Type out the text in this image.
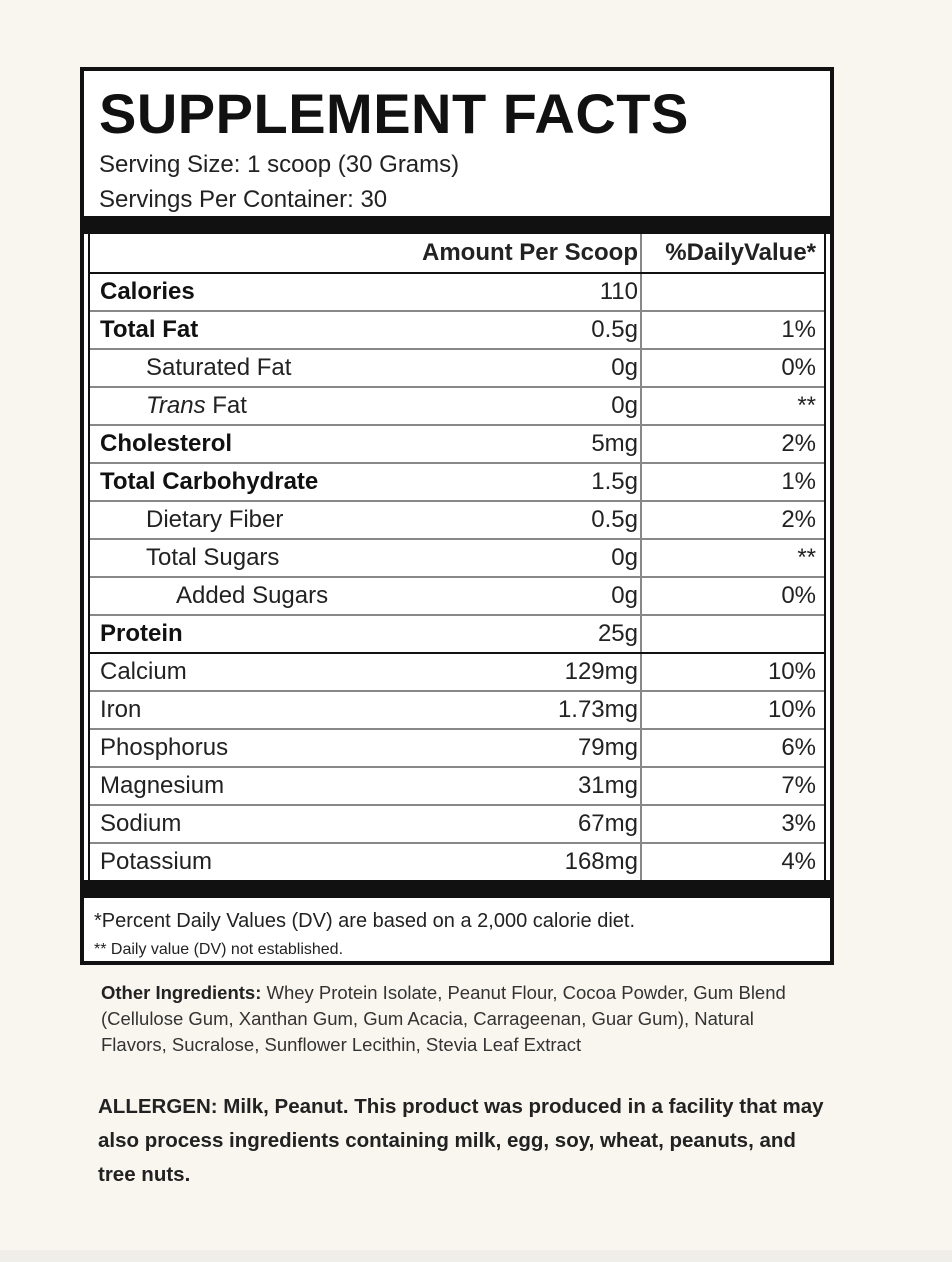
SUPPLEMENT FACTS
Serving Size: 1 scoop (30 Grams)
Servings Per Container: 30
Amount Per Scoop %DailyValue*
Calories	110
Total Fat	0.5g	1%
Saturated Fat	0g	0%
Trans Fat	0g	**
Cholesterol	5mg	2%
Total Carbohydrate	1.5g	1%
Dietary Fiber	0.5g	2%
Total Sugars	0g	**
Added Sugars	0g	0%
Protein	25g
Calcium	129mg	10%
Iron	1.73mg	10%
Phosphorus	79mg	6%
Magnesium	31mg	7%
Sodium	67mg	3%
Potassium	168mg	4%
*Percent Daily Values (DV) are based on a 2,000 calorie diet.
** Daily value (DV) not established.
Other Ingredients: Whey Protein Isolate, Peanut Flour, Cocoa Powder, Gum Blend (Cellulose Gum, Xanthan Gum, Gum Acacia, Carrageenan, Guar Gum), Natural Flavors, Sucralose, Sunflower Lecithin, Stevia Leaf Extract
ALLERGEN: Milk, Peanut. This product was produced in a facility that may also process ingredients containing milk, egg, soy, wheat, peanuts, and tree nuts.
